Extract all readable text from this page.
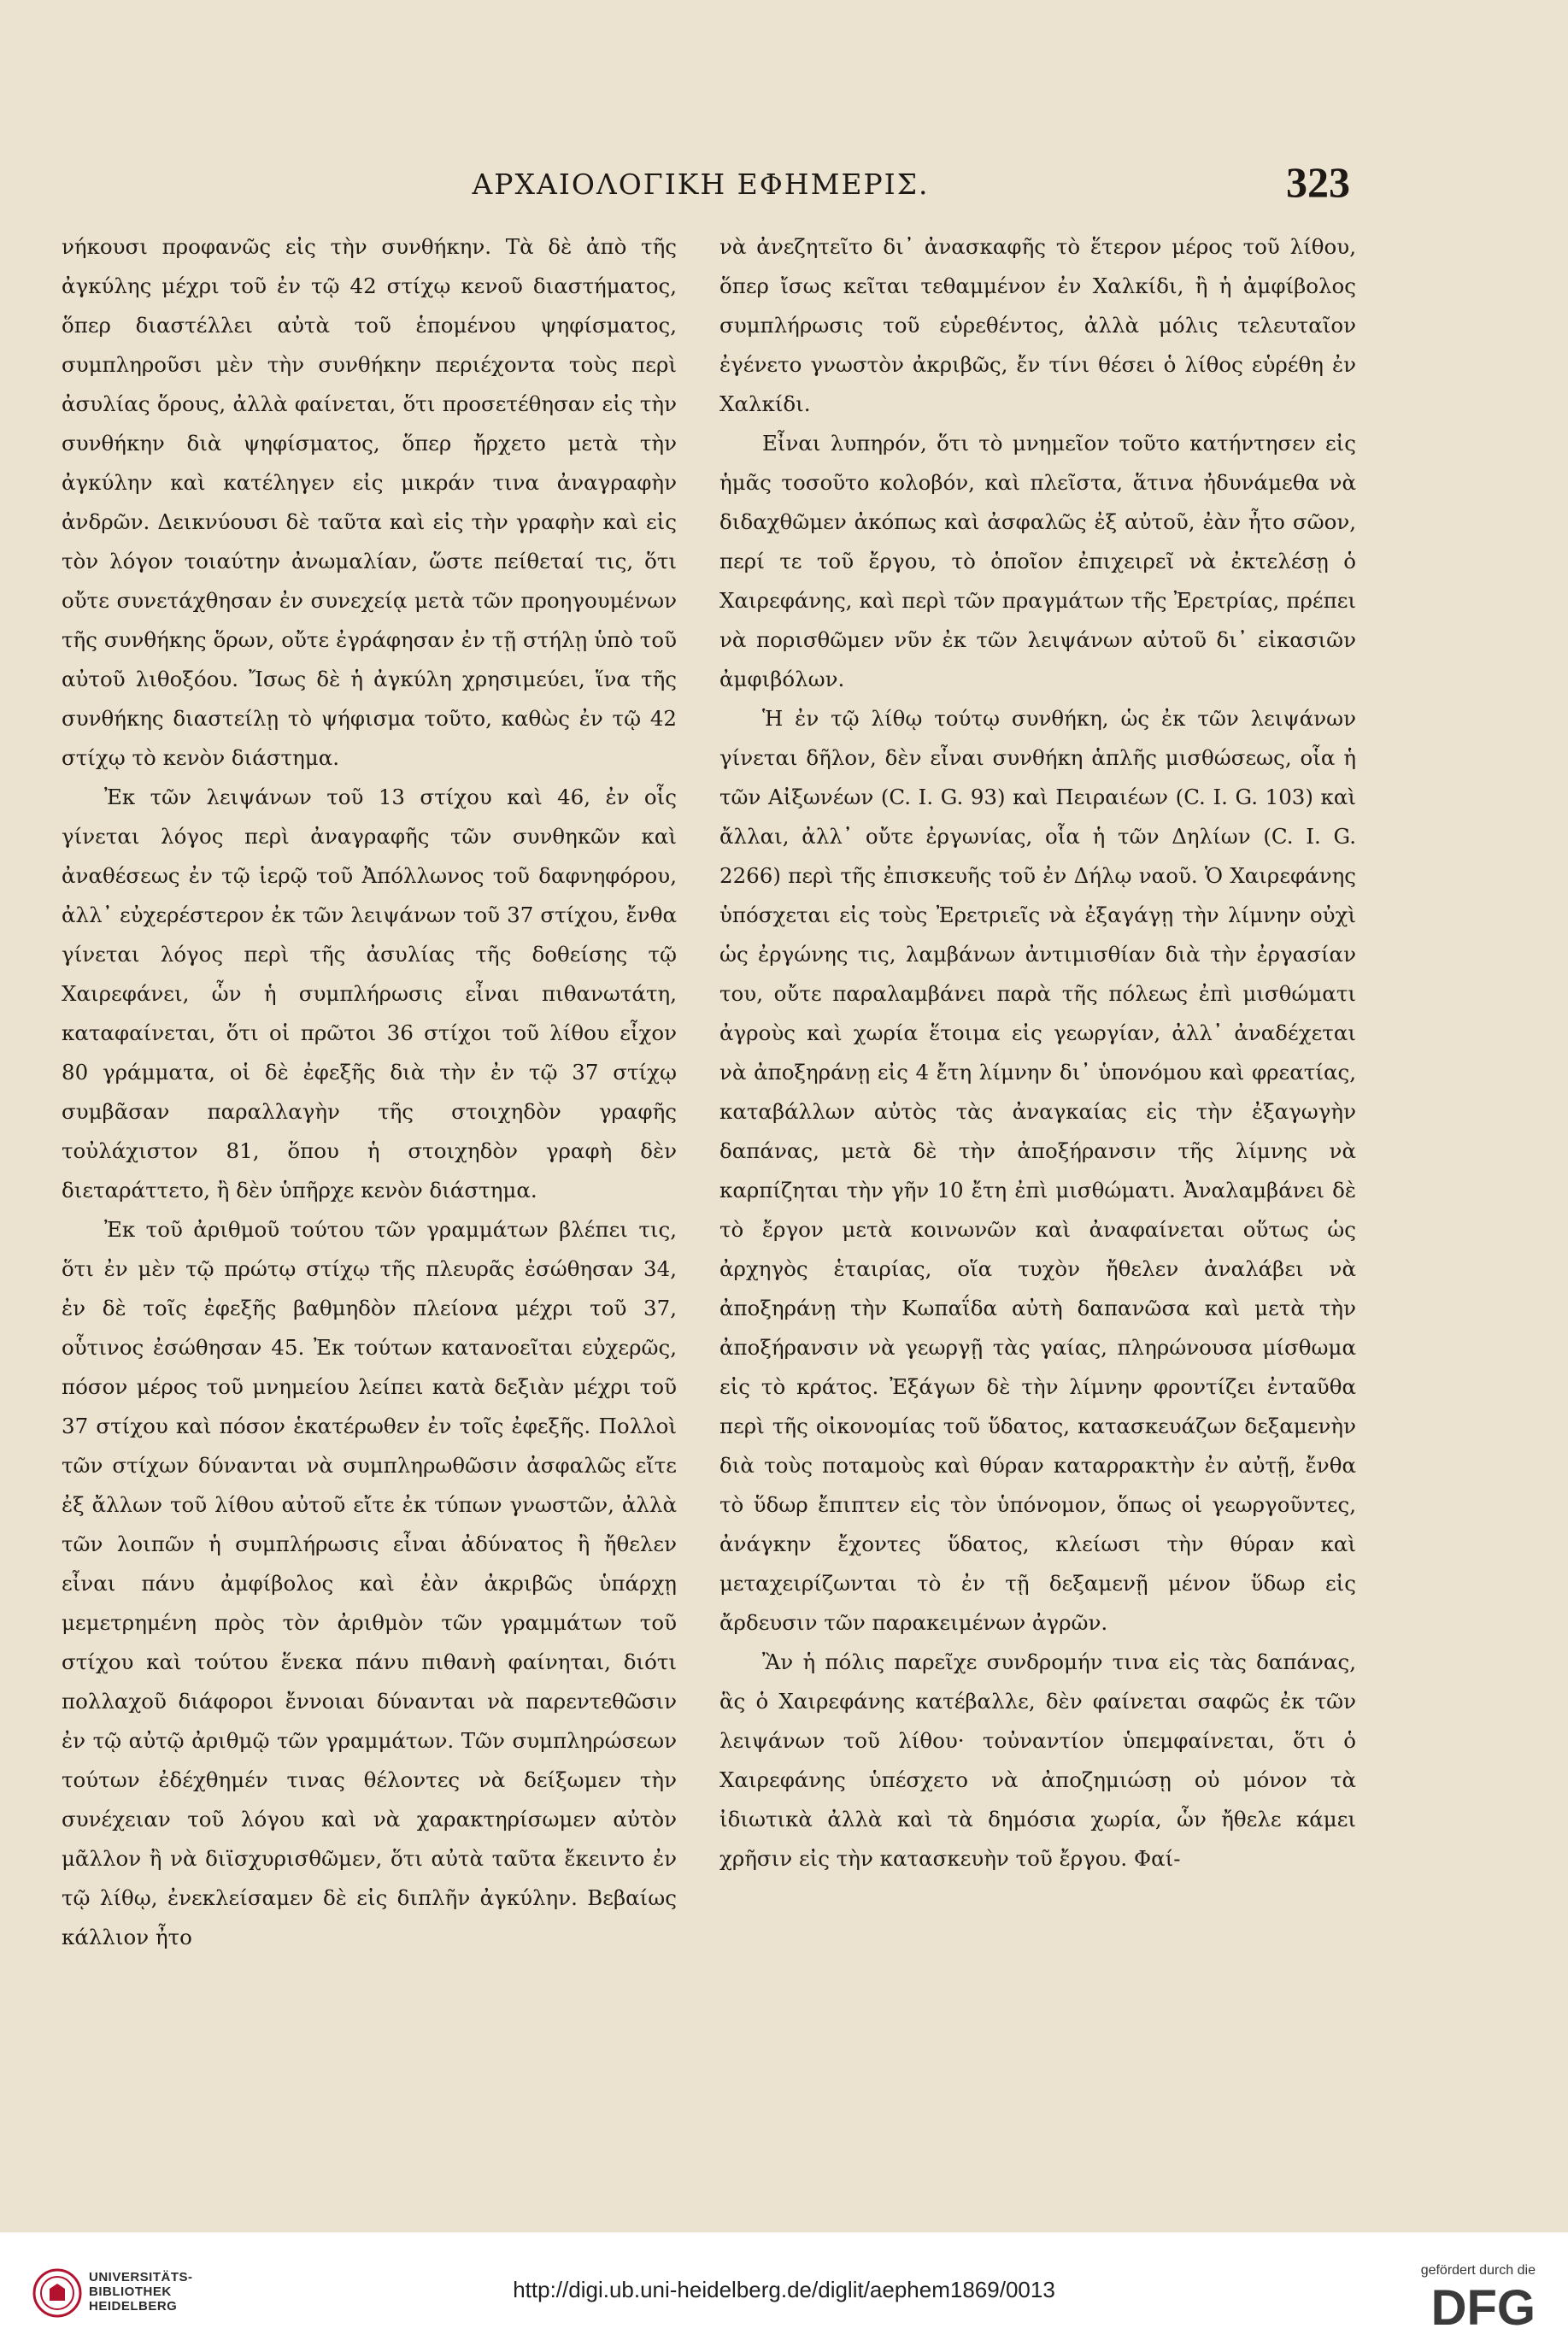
ΑΡΧΑΙΟΛΟΓΙΚΗ ΕΦΗΜΕΡΙΣ.	323

νήκουσι προφανῶς εἰς τὴν συνθήκην. Τὰ δὲ ἀπὸ τῆς ἀγκύλης μέχρι τοῦ ἐν τῷ 42 στίχῳ κενοῦ διαστήματος, ὅπερ διαστέλλει αὐτὰ τοῦ ἑπομένου ψηφίσματος, συμπληροῦσι μὲν τὴν συνθήκην περιέχοντα τοὺς περὶ ἀσυλίας ὅρους, ἀλλὰ φαίνεται, ὅτι προσετέθησαν εἰς τὴν συνθήκην διὰ ψηφίσματος, ὅπερ ἤρχετο μετὰ τὴν ἀγκύλην καὶ κατέληγεν εἰς μικράν τινα ἀναγραφὴν ἀνδρῶν. Δεικνύουσι δὲ ταῦτα καὶ εἰς τὴν γραφὴν καὶ εἰς τὸν λόγον τοιαύτην ἀνωμαλίαν, ὥστε πείθεταί τις, ὅτι οὔτε συνετάχθησαν ἐν συνεχείᾳ μετὰ τῶν προηγουμένων τῆς συνθήκης ὅρων, οὔτε ἐγράφησαν ἐν τῇ στήλῃ ὑπὸ τοῦ αὐτοῦ λιθοξόου. Ἴσως δὲ ἡ ἀγκύλη χρησιμεύει, ἵνα τῆς συνθήκης διαστείλῃ τὸ ψήφισμα τοῦτο, καθὼς ἐν τῷ 42 στίχῳ τὸ κενὸν διάστημα.

Ἐκ τῶν λειψάνων τοῦ 13 στίχου καὶ 46, ἐν οἷς γίνεται λόγος περὶ ἀναγραφῆς τῶν συνθηκῶν καὶ ἀναθέσεως ἐν τῷ ἱερῷ τοῦ Ἀπόλλωνος τοῦ δαφνηφόρου, ἀλλ᾽ εὐχερέστερον ἐκ τῶν λειψάνων τοῦ 37 στίχου, ἔνθα γίνεται λόγος περὶ τῆς ἀσυλίας τῆς δοθείσης τῷ Χαιρεφάνει, ὧν ἡ συμπλήρωσις εἶναι πιθανωτάτη, καταφαίνεται, ὅτι οἱ πρῶτοι 36 στίχοι τοῦ λίθου εἶχον 80 γράμματα, οἱ δὲ ἐφεξῆς διὰ τὴν ἐν τῷ 37 στίχῳ συμβᾶσαν παραλλαγὴν τῆς στοιχηδὸν γραφῆς τοὐλάχιστον 81, ὅπου ἡ στοιχηδὸν γραφὴ δὲν διεταράττετο, ἢ δὲν ὑπῆρχε κενὸν διάστημα.

Ἐκ τοῦ ἀριθμοῦ τούτου τῶν γραμμάτων βλέπει τις, ὅτι ἐν μὲν τῷ πρώτῳ στίχῳ τῆς πλευρᾶς ἐσώθησαν 34, ἐν δὲ τοῖς ἐφεξῆς βαθμηδὸν πλείονα μέχρι τοῦ 37, οὗτινος ἐσώθησαν 45. Ἐκ τούτων κατανοεῖται εὐχερῶς, πόσον μέρος τοῦ μνημείου λείπει κατὰ δεξιὰν μέχρι τοῦ 37 στίχου καὶ πόσον ἑκατέρωθεν ἐν τοῖς ἐφεξῆς. Πολλοὶ τῶν στίχων δύνανται νὰ συμπληρωθῶσιν ἀσφαλῶς εἴτε ἐξ ἄλλων τοῦ λίθου αὐτοῦ εἴτε ἐκ τύπων γνωστῶν, ἀλλὰ τῶν λοιπῶν ἡ συμπλήρωσις εἶναι ἀδύνατος ἢ ἤθελεν εἶναι πάνυ ἀμφίβολος καὶ ἐὰν ἀκριβῶς ὑπάρχῃ μεμετρημένη πρὸς τὸν ἀριθμὸν τῶν γραμμάτων τοῦ στίχου καὶ τούτου ἕνεκα πάνυ πιθανὴ φαίνηται, διότι πολλαχοῦ διάφοροι ἔννοιαι δύνανται νὰ παρεντεθῶσιν ἐν τῷ αὐτῷ ἀριθμῷ τῶν γραμμάτων. Τῶν συμπληρώσεων τούτων ἐδέχθημέν τινας θέλοντες νὰ δείξωμεν τὴν συνέχειαν τοῦ λόγου καὶ νὰ χαρακτηρίσωμεν αὐτὸν μᾶλλον ἢ νὰ διϊσχυρισθῶμεν, ὅτι αὐτὰ ταῦτα ἔκειντο ἐν τῷ λίθῳ, ἐνεκλείσαμεν δὲ εἰς διπλῆν ἀγκύλην. Βεβαίως κάλλιον ἦτο

νὰ ἀνεζητεῖτο δι᾽ ἀνασκαφῆς τὸ ἕτερον μέρος τοῦ λίθου, ὅπερ ἴσως κεῖται τεθαμμένον ἐν Χαλκίδι, ἢ ἡ ἀμφίβολος συμπλήρωσις τοῦ εὑρεθέντος, ἀλλὰ μόλις τελευταῖον ἐγένετο γνωστὸν ἀκριβῶς, ἔν τίνι θέσει ὁ λίθος εὑρέθη ἐν Χαλκίδι.

Εἶναι λυπηρόν, ὅτι τὸ μνημεῖον τοῦτο κατήντησεν εἰς ἡμᾶς τοσοῦτο κολοβόν, καὶ πλεῖστα, ἅτινα ἠδυνάμεθα νὰ διδαχθῶμεν ἀκόπως καὶ ἀσφαλῶς ἐξ αὐτοῦ, ἐὰν ἦτο σῶον, περί τε τοῦ ἔργου, τὸ ὁποῖον ἐπιχειρεῖ νὰ ἐκτελέσῃ ὁ Χαιρεφάνης, καὶ περὶ τῶν πραγμάτων τῆς Ἐρετρίας, πρέπει νὰ πορισθῶμεν νῦν ἐκ τῶν λειψάνων αὐτοῦ δι᾽ εἰκασιῶν ἀμφιβόλων.

Ἡ ἐν τῷ λίθῳ τούτῳ συνθήκη, ὡς ἐκ τῶν λειψάνων γίνεται δῆλον, δὲν εἶναι συνθήκη ἁπλῆς μισθώσεως, οἷα ἡ τῶν Αἰξωνέων (C. I. G. 93) καὶ Πειραιέων (C. I. G. 103) καὶ ἄλλαι, ἀλλ᾽ οὔτε ἐργωνίας, οἷα ἡ τῶν Δηλίων (C. I. G. 2266) περὶ τῆς ἐπισκευῆς τοῦ ἐν Δήλῳ ναοῦ. Ὁ Χαιρεφάνης ὑπόσχεται εἰς τοὺς Ἐρετριεῖς νὰ ἐξαγάγῃ τὴν λίμνην οὐχὶ ὡς ἐργώνης τις, λαμβάνων ἀντιμισθίαν διὰ τὴν ἐργασίαν του, οὔτε παραλαμβάνει παρὰ τῆς πόλεως ἐπὶ μισθώματι ἀγροὺς καὶ χωρία ἕτοιμα εἰς γεωργίαν, ἀλλ᾽ ἀναδέχεται νὰ ἀποξηράνῃ εἰς 4 ἔτη λίμνην δι᾽ ὑπονόμου καὶ φρεατίας, καταβάλλων αὐτὸς τὰς ἀναγκαίας εἰς τὴν ἐξαγωγὴν δαπάνας, μετὰ δὲ τὴν ἀποξήρανσιν τῆς λίμνης νὰ καρπίζηται τὴν γῆν 10 ἔτη ἐπὶ μισθώματι. Ἀναλαμβάνει δὲ τὸ ἔργον μετὰ κοινωνῶν καὶ ἀναφαίνεται οὕτως ὡς ἀρχηγὸς ἑταιρίας, οἵα τυχὸν ἤθελεν ἀναλάβει νὰ ἀποξηράνῃ τὴν Κωπαΐδα αὐτὴ δαπανῶσα καὶ μετὰ τὴν ἀποξήρανσιν νὰ γεωργῇ τὰς γαίας, πληρώνουσα μίσθωμα εἰς τὸ κράτος. Ἐξάγων δὲ τὴν λίμνην φροντίζει ἐνταῦθα περὶ τῆς οἰκονομίας τοῦ ὕδατος, κατασκευάζων δεξαμενὴν διὰ τοὺς ποταμοὺς καὶ θύραν καταρρακτὴν ἐν αὐτῇ, ἔνθα τὸ ὕδωρ ἔπιπτεν εἰς τὸν ὑπόνομον, ὅπως οἱ γεωργοῦντες, ἀνάγκην ἔχοντες ὕδατος, κλείωσι τὴν θύραν καὶ μεταχειρίζωνται τὸ ἐν τῇ δεξαμενῇ μένον ὕδωρ εἰς ἄρδευσιν τῶν παρακειμένων ἀγρῶν.

Ἂν ἡ πόλις παρεῖχε συνδρομήν τινα εἰς τὰς δαπάνας, ἃς ὁ Χαιρεφάνης κατέβαλλε, δὲν φαίνεται σαφῶς ἐκ τῶν λειψάνων τοῦ λίθου· τοὐναντίον ὑπεμφαίνεται, ὅτι ὁ Χαιρεφάνης ὑπέσχετο νὰ ἀποζημιώσῃ οὐ μόνον τὰ ἰδιωτικὰ ἀλλὰ καὶ τὰ δημόσια χωρία, ὧν ἤθελε κάμει χρῆσιν εἰς τὴν κατασκευὴν τοῦ ἔργου. Φαί-

UNIVERSITÄTS-
BIBLIOTHEK
HEIDELBERG
http://digi.ub.uni-heidelberg.de/diglit/aephem1869/0013
gefördert durch die
DFG
